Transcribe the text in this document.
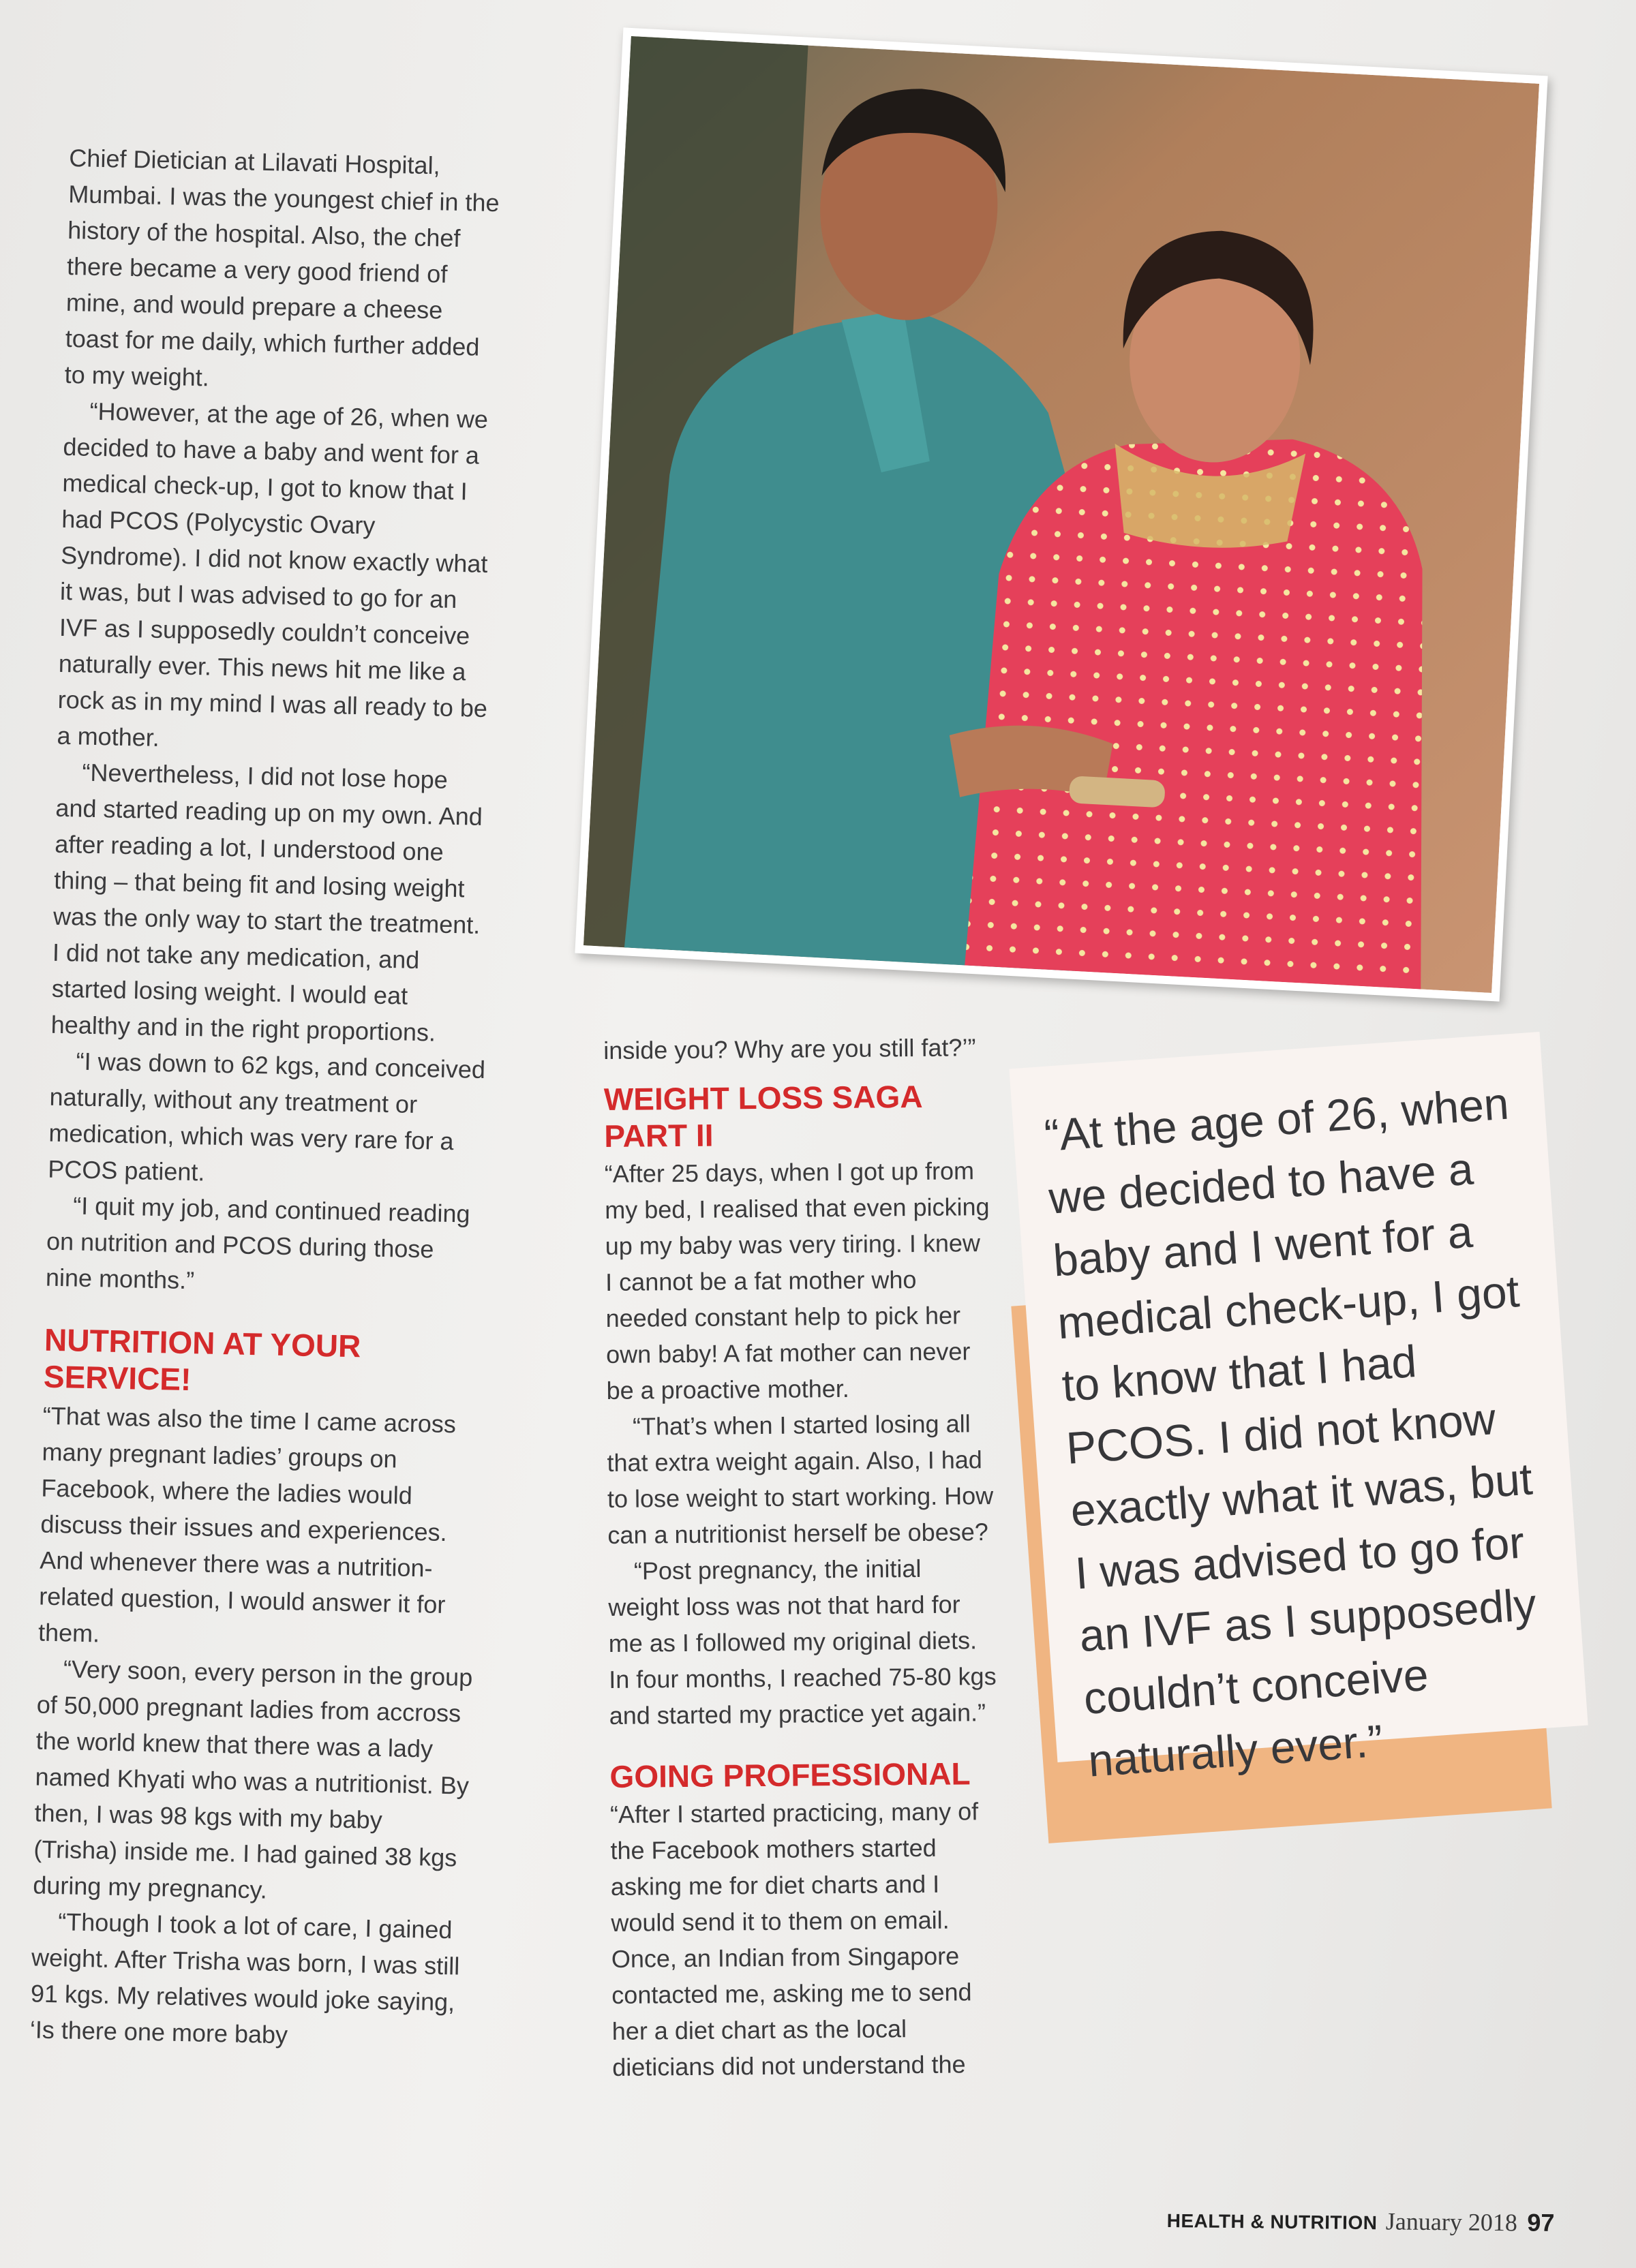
Chief Dietician at Lilavati Hospital, Mumbai. I was the youngest chief in the history of the hospital. Also, the chef there became a very good friend of mine, and would prepare a cheese toast for me daily, which further added to my weight.

“However, at the age of 26, when we decided to have a baby and went for a medical check-up, I got to know that I had PCOS (Polycystic Ovary Syndrome). I did not know exactly what it was, but I was advised to go for an IVF as I supposedly couldn’t conceive naturally ever. This news hit me like a rock as in my mind I was all ready to be a mother.

“Nevertheless, I did not lose hope and started reading up on my own. And after reading a lot, I understood one thing – that being fit and losing weight was the only way to start the treatment. I did not take any medication, and started losing weight. I would eat healthy and in the right proportions.

“I was down to 62 kgs, and conceived naturally, without any treatment or medication, which was very rare for a PCOS patient.

“I quit my job, and continued reading on nutrition and PCOS during those nine months.”

NUTRITION AT YOUR SERVICE!

“That was also the time I came across many pregnant ladies’ groups on Facebook, where the ladies would discuss their issues and experiences. And whenever there was a nutrition-related question, I would answer it for them.

“Very soon, every person in the group of 50,000 pregnant ladies from accross the world knew that there was a lady named Khyati who was a nutritionist. By then, I was 98 kgs with my baby (Trisha) inside me. I had gained 38 kgs during my pregnancy.

“Though I took a lot of care, I gained weight. After Trisha was born, I was still 91 kgs. My relatives would joke saying, ‘Is there one more baby

inside you? Why are you still fat?’”

WEIGHT LOSS SAGA PART II

“After 25 days, when I got up from my bed, I realised that even picking up my baby was very tiring. I knew I cannot be a fat mother who needed constant help to pick her own baby! A fat mother can never be a proactive mother.

“That’s when I started losing all that extra weight again. Also, I had to lose weight to start working. How can a nutritionist herself be obese?

“Post pregnancy, the initial weight loss was not that hard for me as I followed my original diets. In four months, I reached 75-80 kgs and started my practice yet again.”

GOING PROFESSIONAL

“After I started practicing, many of the Facebook mothers started asking me for diet charts and I would send it to them on email. Once, an Indian from Singapore contacted me, asking me to send her a diet chart as the local dieticians did not understand the

“At the age of 26, when we decided to have a baby and I went for a medical check-up, I got to know that I had PCOS. I did not know exactly what it was, but I was advised to go for an IVF as I supposedly couldn’t conceive naturally ever.”

HEALTH & NUTRITION January 2018 97
